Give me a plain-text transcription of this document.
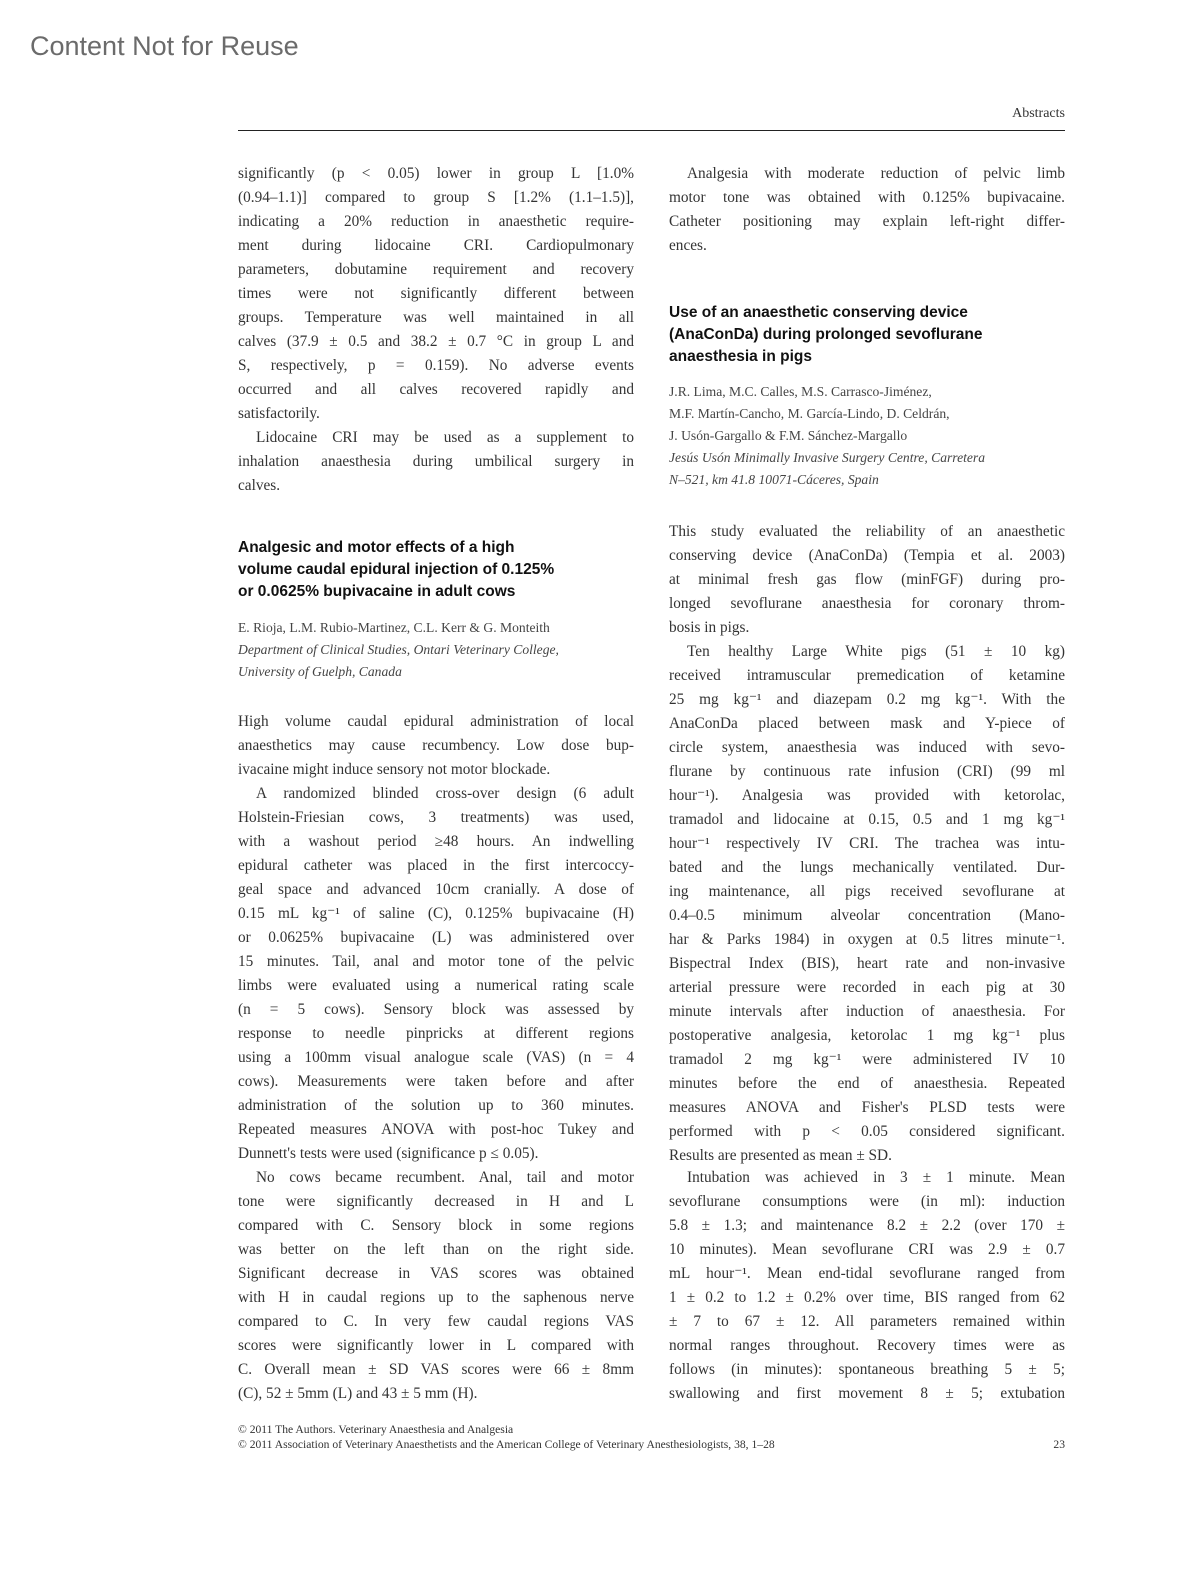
Content Not for Reuse
Abstracts
significantly (p < 0.05) lower in group L [1.0%
(0.94–1.1)] compared to group S [1.2% (1.1–1.5)],
indicating a 20% reduction in anaesthetic require-
ment during lidocaine CRI. Cardiopulmonary
parameters, dobutamine requirement and recovery
times were not significantly different between
groups. Temperature was well maintained in all
calves (37.9 ± 0.5 and 38.2 ± 0.7 °C in group L and
S, respectively, p = 0.159). No adverse events
occurred and all calves recovered rapidly and
satisfactorily.
Lidocaine CRI may be used as a supplement to
inhalation anaesthesia during umbilical surgery in
calves.
Analgesic and motor effects of a high
volume caudal epidural injection of 0.125%
or 0.0625% bupivacaine in adult cows
E. Rioja, L.M. Rubio-Martinez, C.L. Kerr & G. Monteith
Department of Clinical Studies, Ontari Veterinary College,
University of Guelph, Canada
High volume caudal epidural administration of local
anaesthetics may cause recumbency. Low dose bup-
ivacaine might induce sensory not motor blockade.
A randomized blinded cross-over design (6 adult
Holstein-Friesian cows, 3 treatments) was used,
with a washout period ≥48 hours. An indwelling
epidural catheter was placed in the first intercoccy-
geal space and advanced 10cm cranially. A dose of
0.15 mL kg⁻¹ of saline (C), 0.125% bupivacaine (H)
or 0.0625% bupivacaine (L) was administered over
15 minutes. Tail, anal and motor tone of the pelvic
limbs were evaluated using a numerical rating scale
(n = 5 cows). Sensory block was assessed by
response to needle pinpricks at different regions
using a 100mm visual analogue scale (VAS) (n = 4
cows). Measurements were taken before and after
administration of the solution up to 360 minutes.
Repeated measures ANOVA with post-hoc Tukey and
Dunnett's tests were used (significance p ≤ 0.05).
No cows became recumbent. Anal, tail and motor
tone were significantly decreased in H and L
compared with C. Sensory block in some regions
was better on the left than on the right side.
Significant decrease in VAS scores was obtained
with H in caudal regions up to the saphenous nerve
compared to C. In very few caudal regions VAS
scores were significantly lower in L compared with
C. Overall mean ± SD VAS scores were 66 ± 8mm
(C), 52 ± 5mm (L) and 43 ± 5 mm (H).
Analgesia with moderate reduction of pelvic limb
motor tone was obtained with 0.125% bupivacaine.
Catheter positioning may explain left-right differ-
ences.
Use of an anaesthetic conserving device
(AnaConDa) during prolonged sevoflurane
anaesthesia in pigs
J.R. Lima, M.C. Calles, M.S. Carrasco-Jiménez,
M.F. Martín-Cancho, M. García-Lindo, D. Celdrán,
J. Usón-Gargallo & F.M. Sánchez-Margallo
Jesús Usón Minimally Invasive Surgery Centre, Carretera
N–521, km 41.8 10071-Cáceres, Spain
This study evaluated the reliability of an anaesthetic
conserving device (AnaConDa) (Tempia et al. 2003)
at minimal fresh gas flow (minFGF) during pro-
longed sevoflurane anaesthesia for coronary throm-
bosis in pigs.
Ten healthy Large White pigs (51 ± 10 kg)
received intramuscular premedication of ketamine
25 mg kg⁻¹ and diazepam 0.2 mg kg⁻¹. With the
AnaConDa placed between mask and Y-piece of
circle system, anaesthesia was induced with sevo-
flurane by continuous rate infusion (CRI) (99 ml
hour⁻¹). Analgesia was provided with ketorolac,
tramadol and lidocaine at 0.15, 0.5 and 1 mg kg⁻¹
hour⁻¹ respectively IV CRI. The trachea was intu-
bated and the lungs mechanically ventilated. Dur-
ing maintenance, all pigs received sevoflurane at
0.4–0.5 minimum alveolar concentration (Mano-
har & Parks 1984) in oxygen at 0.5 litres minute⁻¹.
Bispectral Index (BIS), heart rate and non-invasive
arterial pressure were recorded in each pig at 30
minute intervals after induction of anaesthesia. For
postoperative analgesia, ketorolac 1 mg kg⁻¹ plus
tramadol 2 mg kg⁻¹ were administered IV 10
minutes before the end of anaesthesia. Repeated
measures ANOVA and Fisher's PLSD tests were
performed with p < 0.05 considered significant.
Results are presented as mean ± SD.
Intubation was achieved in 3 ± 1 minute. Mean
sevoflurane consumptions were (in ml): induction
5.8 ± 1.3; and maintenance 8.2 ± 2.2 (over 170 ±
10 minutes). Mean sevoflurane CRI was 2.9 ± 0.7
mL hour⁻¹. Mean end-tidal sevoflurane ranged from
1 ± 0.2 to 1.2 ± 0.2% over time, BIS ranged from 62
± 7 to 67 ± 12. All parameters remained within
normal ranges throughout. Recovery times were as
follows (in minutes): spontaneous breathing 5 ± 5;
swallowing and first movement 8 ± 5; extubation
© 2011 The Authors. Veterinary Anaesthesia and Analgesia
© 2011 Association of Veterinary Anaesthetists and the American College of Veterinary Anesthesiologists, 38, 1–28	23
